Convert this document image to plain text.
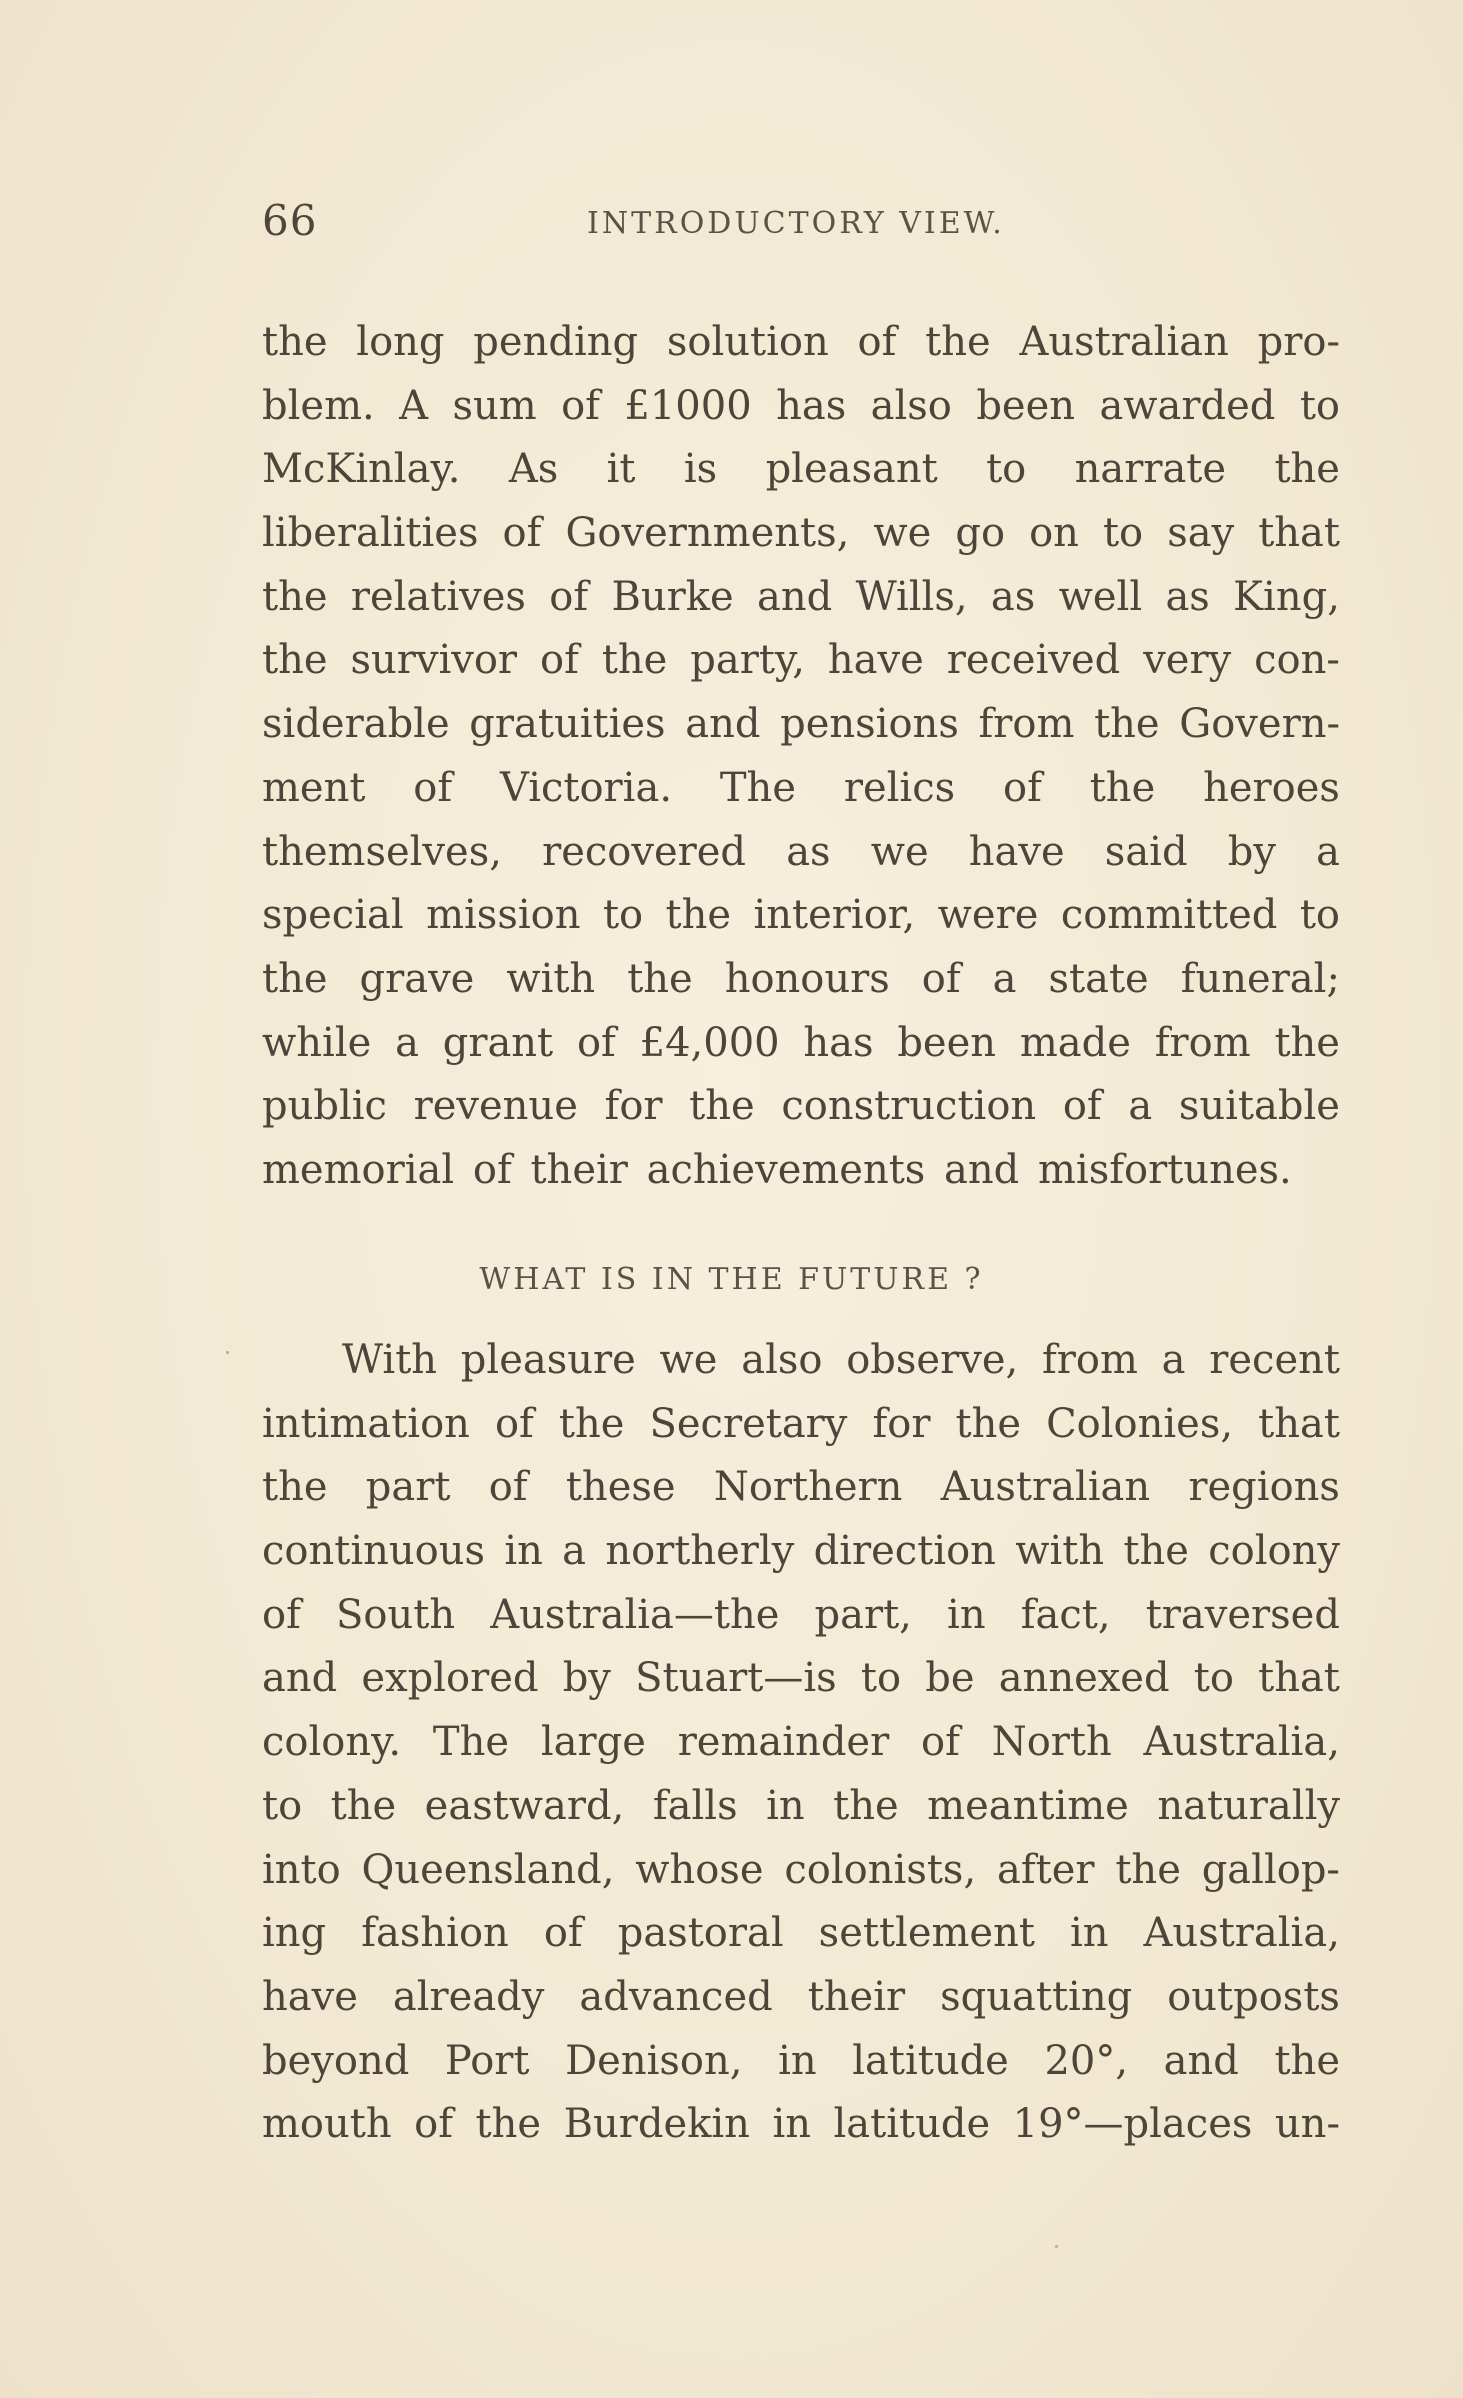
66	INTRODUCTORY VIEW.
the long pending solution of the Australian pro-
blem. A sum of £1000 has also been awarded to
McKinlay. As it is pleasant to narrate the
liberalities of Governments, we go on to say that
the relatives of Burke and Wills, as well as King,
the survivor of the party, have received very con-
siderable gratuities and pensions from the Govern-
ment of Victoria. The relics of the heroes
themselves, recovered as we have said by a
special mission to the interior, were committed to
the grave with the honours of a state funeral;
while a grant of £4,000 has been made from the
public revenue for the construction of a suitable
memorial of their achievements and misfortunes.
WHAT IS IN THE FUTURE ?
With pleasure we also observe, from a recent
intimation of the Secretary for the Colonies, that
the part of these Northern Australian regions
continuous in a northerly direction with the colony
of South Australia—the part, in fact, traversed
and explored by Stuart—is to be annexed to that
colony. The large remainder of North Australia,
to the eastward, falls in the meantime naturally
into Queensland, whose colonists, after the gallop-
ing fashion of pastoral settlement in Australia,
have already advanced their squatting outposts
beyond Port Denison, in latitude 20°, and the
mouth of the Burdekin in latitude 19°—places un-
